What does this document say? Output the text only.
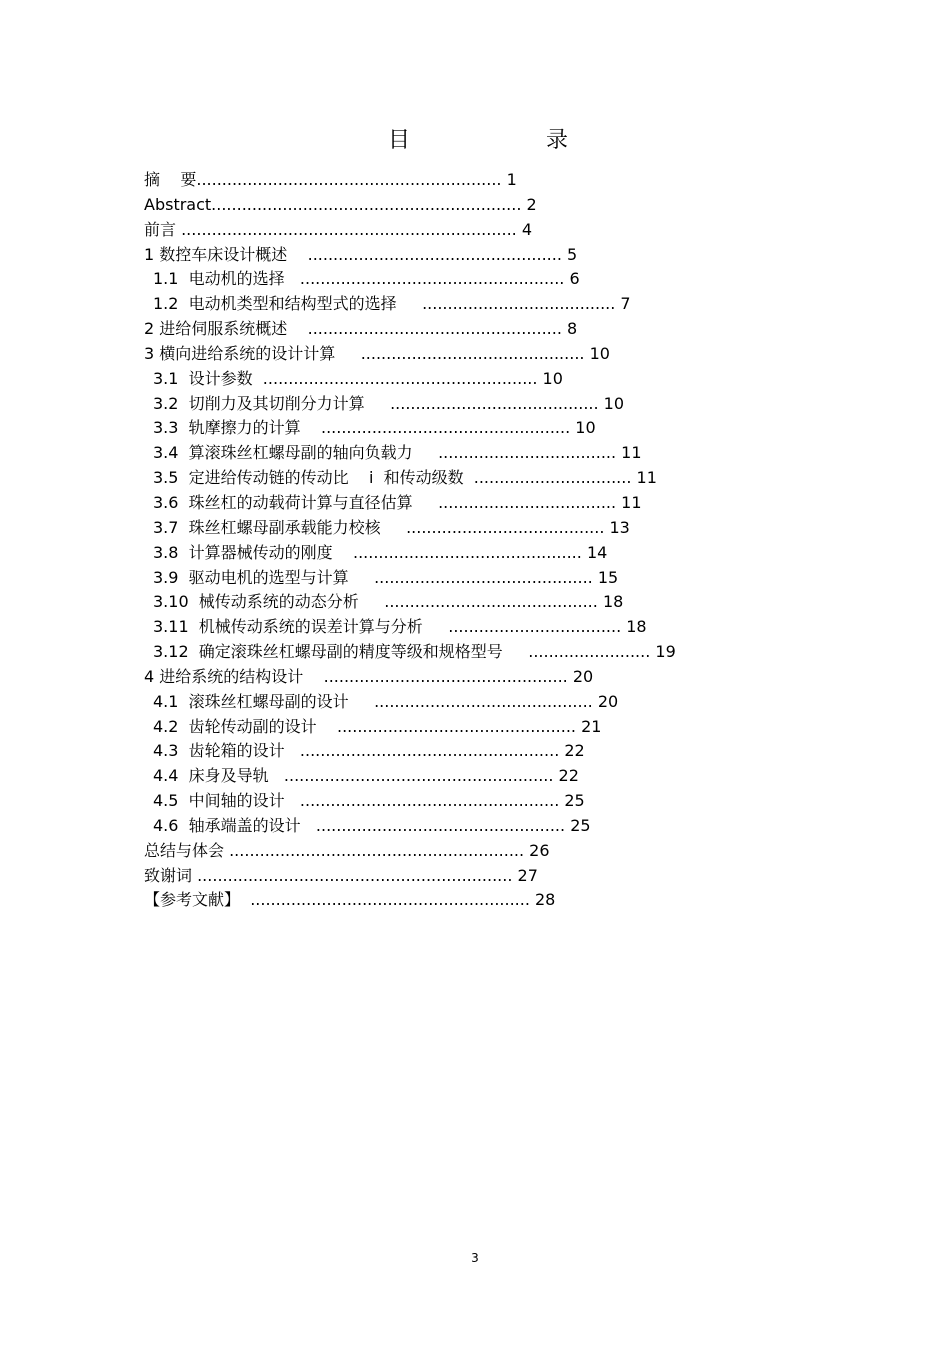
目	录
摘    要 ............................................................ 1
Abstract ............................................................. 2
前言 .................................................................. 4
1 数控车床设计概述 .................................................. 5
1.1  电动机的选择 .................................................... 6
1.2  电动机类型和结构型式的选择 ...................................... 7
2 进给伺服系统概述 .................................................. 8
3 横向进给系统的设计计算 ............................................ 10
3.1  设计参数 ...................................................... 10
3.2  切削力及其切削分力计算 ......................................... 10
3.3  轨摩擦力的计算 ................................................. 10
3.4  算滚珠丝杠螺母副的轴向负载力 ................................... 11
3.5  定进给传动链的传动比    i  和传动级数 ............................... 11
3.6  珠丝杠的动载荷计算与直径估算 ................................... 11
3.7  珠丝杠螺母副承载能力校核 ....................................... 13
3.8  计算器械传动的刚度 ............................................. 14
3.9  驱动电机的选型与计算 ........................................... 15
3.10  械传动系统的动态分析 .......................................... 18
3.11  机械传动系统的误差计算与分析 .................................. 18
3.12  确定滚珠丝杠螺母副的精度等级和规格型号 ........................ 19
4 进给系统的结构设计 ................................................ 20
4.1  滚珠丝杠螺母副的设计 ........................................... 20
4.2  齿轮传动副的设计 ............................................... 21
4.3  齿轮箱的设计 ................................................... 22
4.4  床身及导轨 ..................................................... 22
4.5  中间轴的设计 ................................................... 25
4.6  轴承端盖的设计 ................................................. 25
总结与体会 .......................................................... 26
致谢词 .............................................................. 27
【参考文献】 ....................................................... 28
3
